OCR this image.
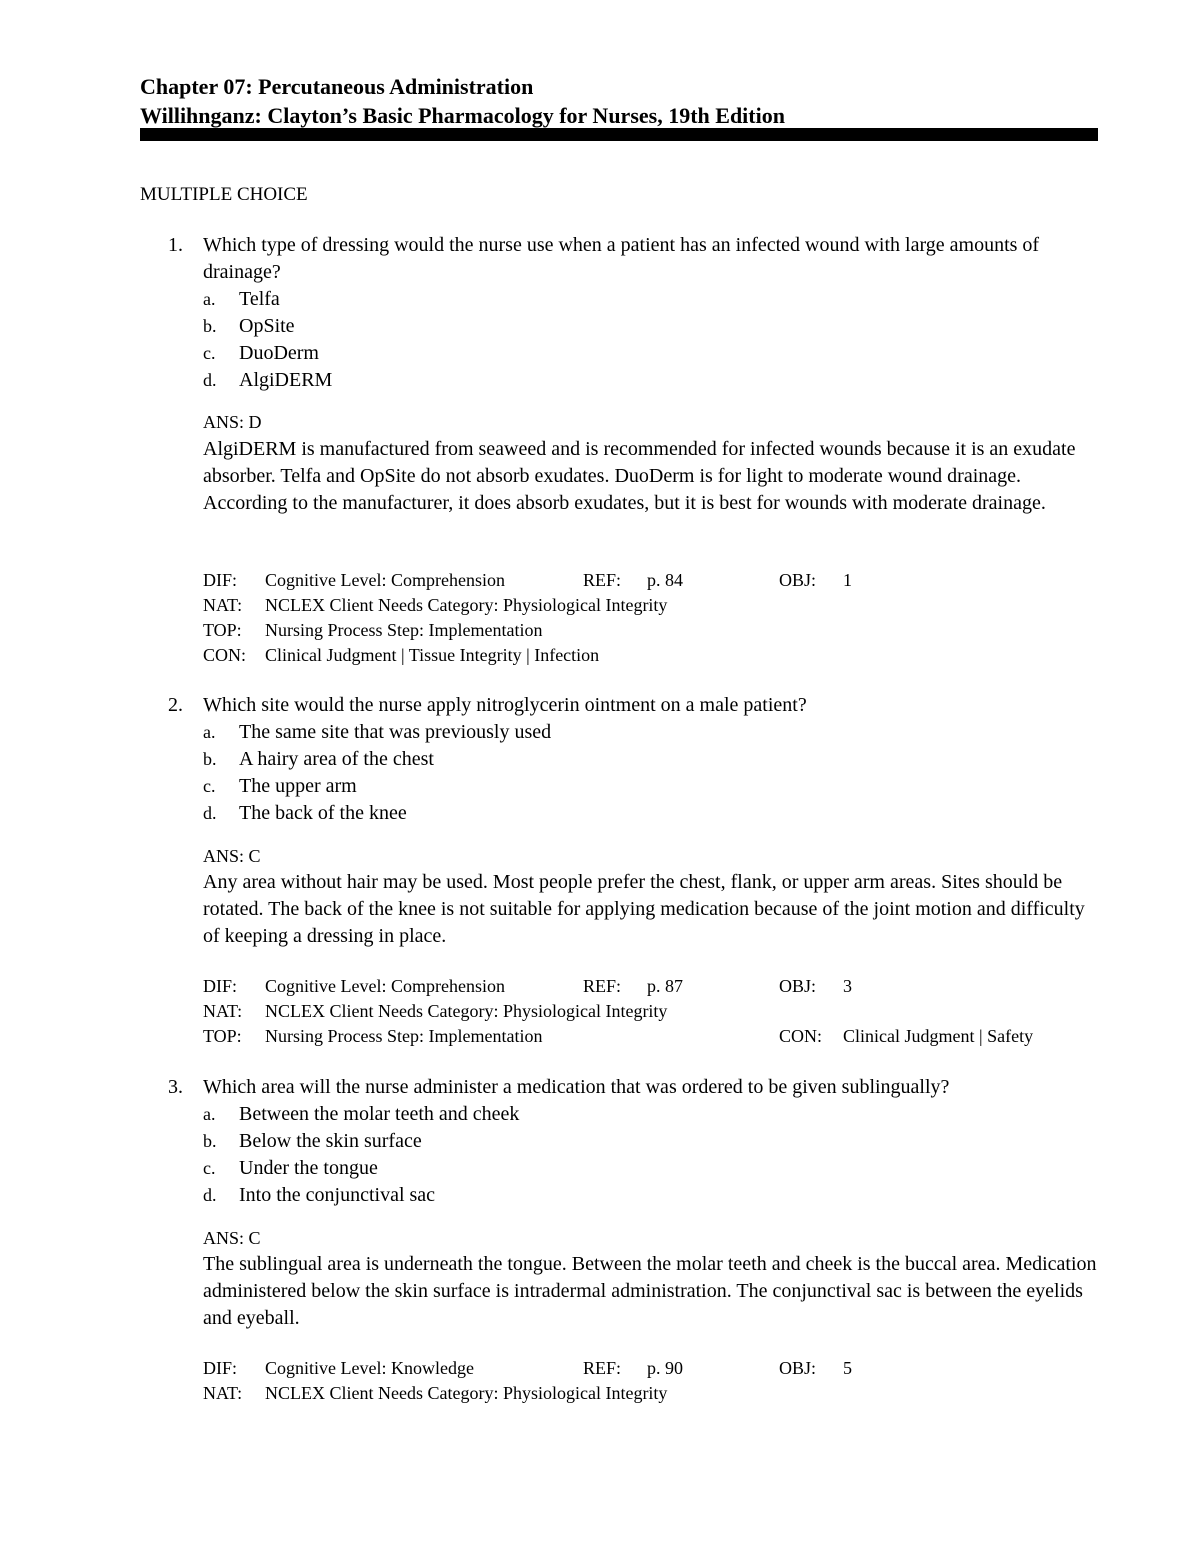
Chapter 07: Percutaneous Administration
Willihnganz: Clayton’s Basic Pharmacology for Nurses, 19th Edition
MULTIPLE CHOICE
1. Which type of dressing would the nurse use when a patient has an infected wound with large amounts of drainage?
a. Telfa
b. OpSite
c. DuoDerm
d. AlgiDERM
ANS: D
AlgiDERM is manufactured from seaweed and is recommended for infected wounds because it is an exudate absorber. Telfa and OpSite do not absorb exudates. DuoDerm is for light to moderate wound drainage. According to the manufacturer, it does absorb exudates, but it is best for wounds with moderate drainage.
DIF: Cognitive Level: Comprehension	REF: p. 84	OBJ: 1
NAT: NCLEX Client Needs Category: Physiological Integrity
TOP: Nursing Process Step: Implementation
CON: Clinical Judgment | Tissue Integrity | Infection
2. Which site would the nurse apply nitroglycerin ointment on a male patient?
a. The same site that was previously used
b. A hairy area of the chest
c. The upper arm
d. The back of the knee
ANS: C
Any area without hair may be used. Most people prefer the chest, flank, or upper arm areas. Sites should be rotated. The back of the knee is not suitable for applying medication because of the joint motion and difficulty of keeping a dressing in place.
DIF: Cognitive Level: Comprehension	REF: p. 87	OBJ: 3
NAT: NCLEX Client Needs Category: Physiological Integrity
TOP: Nursing Process Step: Implementation	CON: Clinical Judgment | Safety
3. Which area will the nurse administer a medication that was ordered to be given sublingually?
a. Between the molar teeth and cheek
b. Below the skin surface
c. Under the tongue
d. Into the conjunctival sac
ANS: C
The sublingual area is underneath the tongue. Between the molar teeth and cheek is the buccal area. Medication administered below the skin surface is intradermal administration. The conjunctival sac is between the eyelids and eyeball.
DIF: Cognitive Level: Knowledge	REF: p. 90	OBJ: 5
NAT: NCLEX Client Needs Category: Physiological Integrity
